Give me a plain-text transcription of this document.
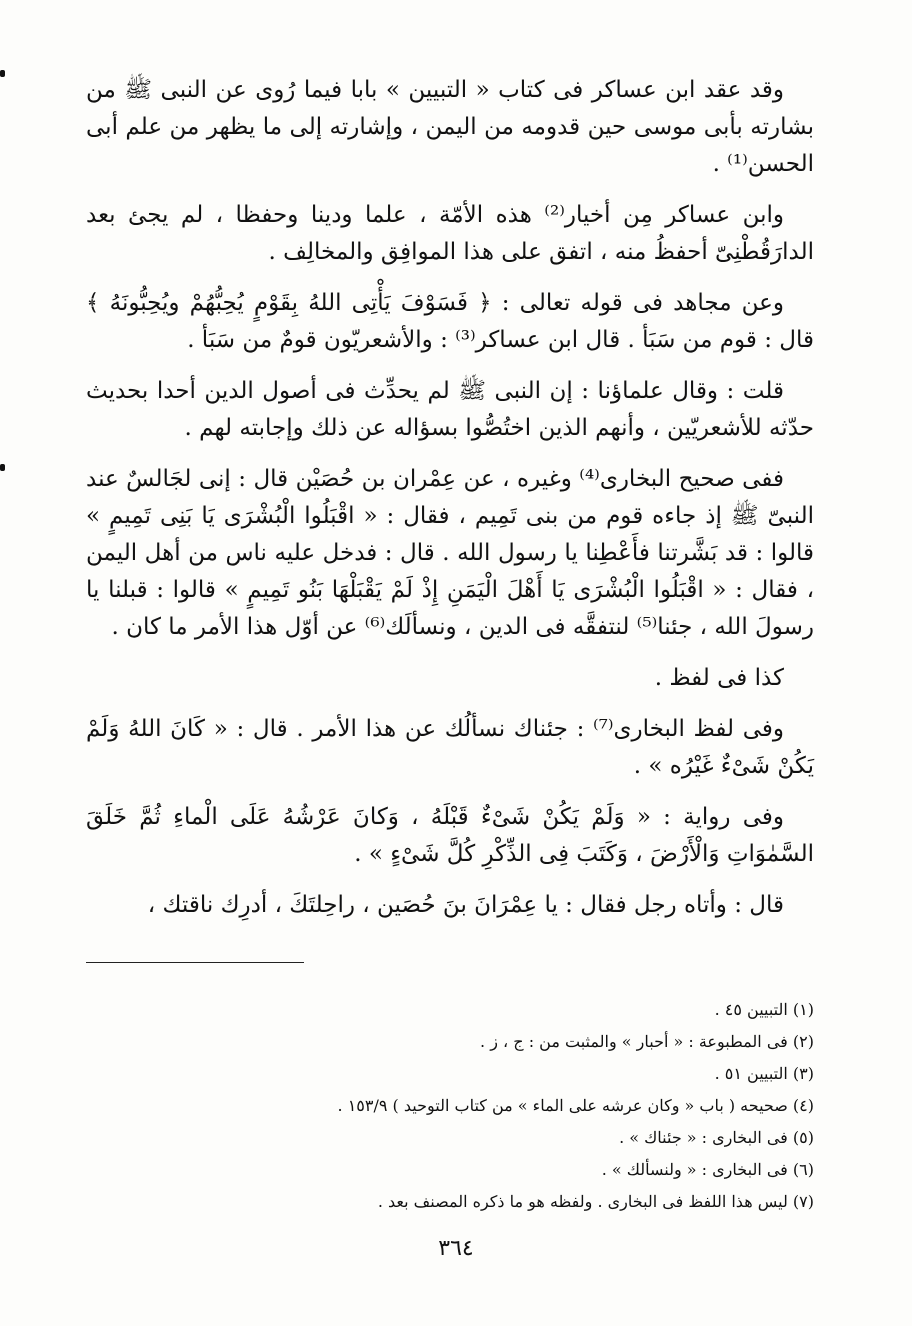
وقد عقد ابن عساكر فى كتاب « التبيين » بابا فيما رُوى عن النبى ﷺ من بشارته بأبى موسى حين قدومه من اليمن ، وإشارته إلى ما يظهر من علم أبى الحسن⁽¹⁾ .

وابن عساكر مِن أخيار⁽²⁾ هذه الأمّة ، علما ودينا وحفظا ، لم يجئ بعد الدارَقُطْنِىّ أحفظُ منه ، اتفق على هذا الموافِق والمخالِف .

وعن مجاهد فى قوله تعالى : ﴿ فَسَوْفَ يَأْتِى اللهُ بِقَوْمٍ يُحِبُّهُمْ ويُحِبُّونَهُ ﴾ قال : قوم من سَبَأ . قال ابن عساكر⁽³⁾ : والأشعريّون قومٌ من سَبَأ .

قلت : وقال علماؤنا : إن النبى ﷺ لم يحدِّث فى أصول الدين أحدا بحديث حدّثه للأشعريّين ، وأنهم الذين اختُصُّوا بسؤاله عن ذلك وإجابته لهم .

ففى صحيح البخارى⁽⁴⁾ وغيره ، عن عِمْران بن حُصَيْن قال : إنى لجَالسٌ عند النبىّ ﷺ إذ جاءه قوم من بنى تَمِيم ، فقال : « اقْبَلُوا الْبُشْرَى يَا بَنِى تَمِيمٍ » قالوا : قد بَشَّرتنا فأَعْطِنا يا رسول الله . قال : فدخل عليه ناس من أهل اليمن ، فقال : « اقْبَلُوا الْبُشْرَى يَا أَهْلَ الْيَمَنِ إِذْ لَمْ يَقْبَلْهَا بَنُو تَمِيمٍ » قالوا : قبلنا يا رسولَ الله ، جئنا⁽⁵⁾ لنتفقَّه فى الدين ، ونسألَك⁽⁶⁾ عن أوّل هذا الأمر ما كان .

كذا فى لفظ .

وفى لفظ البخارى⁽⁷⁾ : جئناك نسألُك عن هذا الأمر . قال : « كَانَ اللهُ وَلَمْ يَكُنْ شَىْءٌ غَيْرُه » .

وفى رواية : « وَلَمْ يَكُنْ شَىْءٌ قَبْلَهُ ، وَكانَ عَرْشُهُ عَلَى الْماءِ ثُمَّ خَلَقَ السَّمٰوَاتِ وَالْأَرْضَ ، وَكَتَبَ فِى الذِّكْرِ كُلَّ شَىْءٍ » .

قال : وأتاه رجل فقال : يا عِمْرَانَ بنَ حُصَين ، راحِلتَكَ ، أدرِك ناقتك ،

(١) التبيين ٤٥ .
(٢) فى المطبوعة : « أحبار » والمثبت من : ج ، ز .
(٣) التبيين ٥١ .
(٤) صحيحه ( باب « وكان عرشه على الماء » من كتاب التوحيد ) ١٥٣/٩ .
(٥) فى البخارى : « جئناك » .
(٦) فى البخارى : « ولنسألك » .
(٧) ليس هذا اللفظ فى البخارى . ولفظه هو ما ذكره المصنف بعد .
٣٦٤
